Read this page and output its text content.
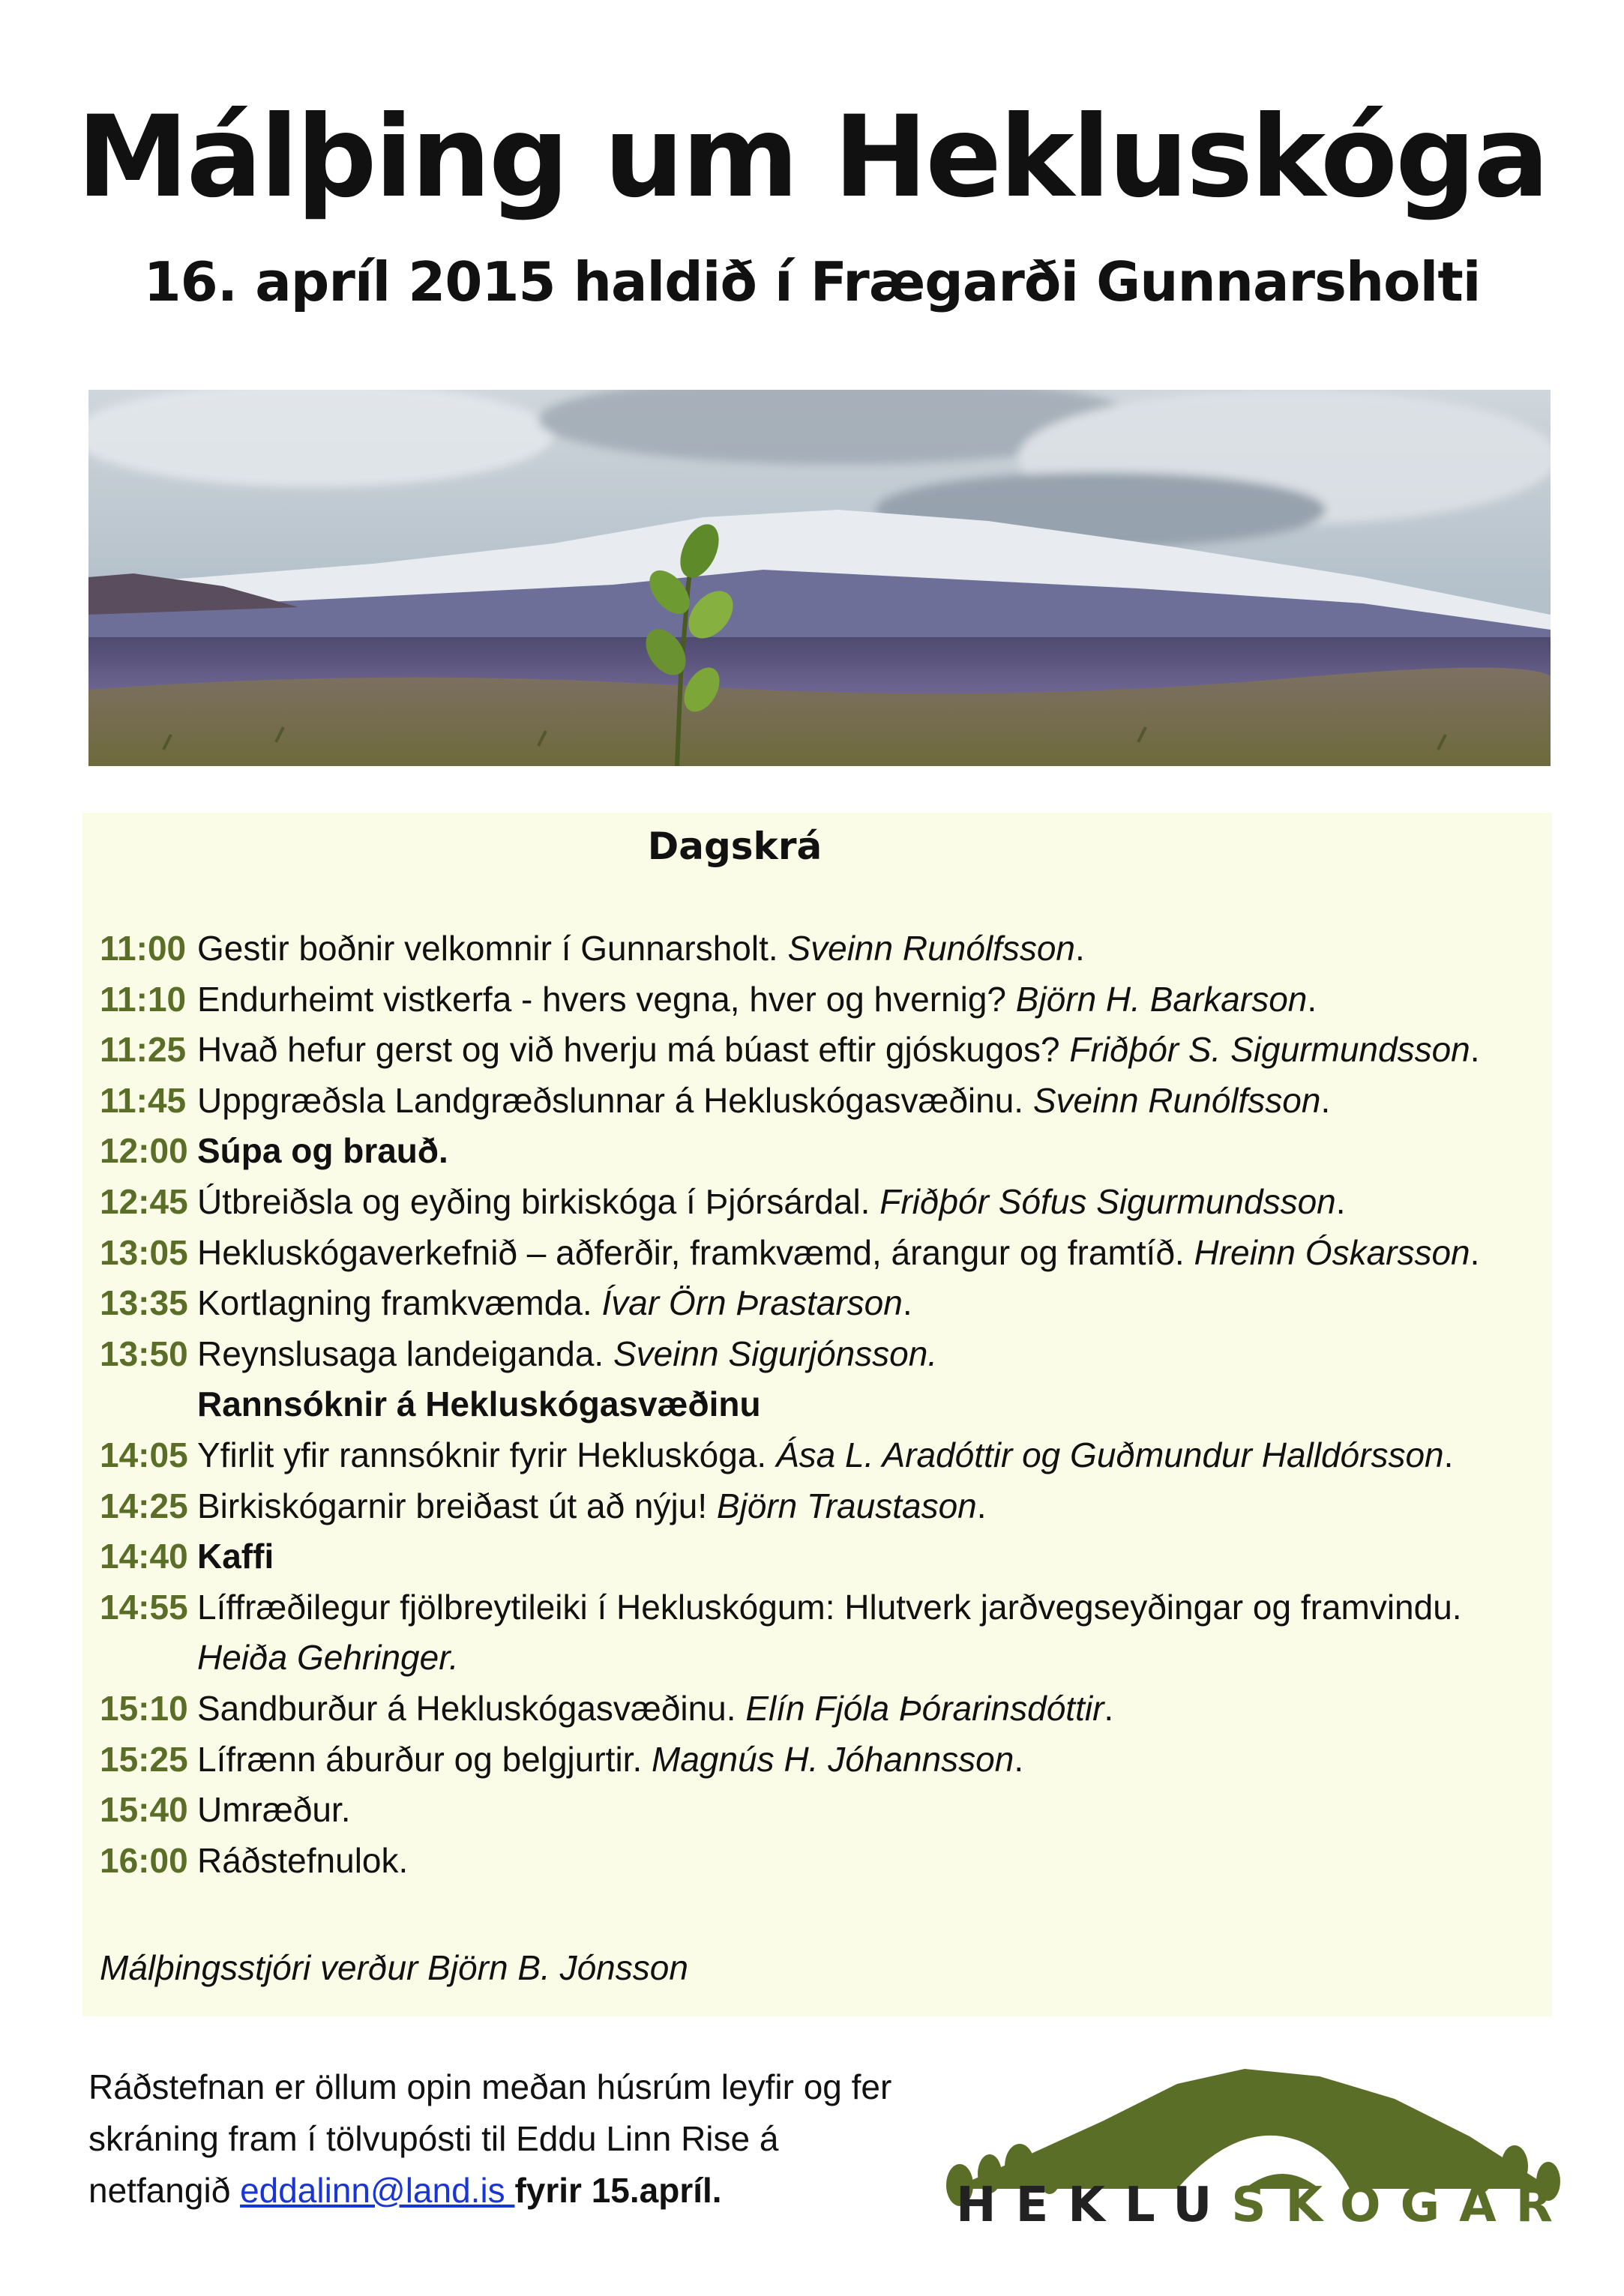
Málþing um Hekluskóga
16. apríl 2015 haldið í Frægarði Gunnarsholti
Dagskrá
11:00 Gestir boðnir velkomnir í Gunnarsholt. Sveinn Runólfsson.
11:10 Endurheimt vistkerfa - hvers vegna, hver og hvernig? Björn H. Barkarson.
11:25 Hvað hefur gerst og við hverju má búast eftir gjóskugos? Friðþór S. Sigurmundsson.
11:45 Uppgræðsla Landgræðslunnar á Hekluskógasvæðinu. Sveinn Runólfsson.
12:00 Súpa og brauð.
12:45 Útbreiðsla og eyðing birkiskóga í Þjórsárdal. Friðþór Sófus Sigurmundsson.
13:05 Hekluskógaverkefnið – aðferðir, framkvæmd, árangur og framtíð. Hreinn Óskarsson.
13:35 Kortlagning framkvæmda. Ívar Örn Þrastarson.
13:50 Reynslusaga landeiganda. Sveinn Sigurjónsson.
Rannsóknir á Hekluskógasvæðinu
14:05 Yfirlit yfir rannsóknir fyrir Hekluskóga. Ása L. Aradóttir og Guðmundur Halldórsson.
14:25 Birkiskógarnir breiðast út að nýju! Björn Traustason.
14:40 Kaffi
14:55 Líffræðilegur fjölbreytileiki í Hekluskógum: Hlutverk jarðvegseyðingar og framvindu.
Heiða Gehringer.
15:10 Sandburður á Hekluskógasvæðinu. Elín Fjóla Þórarinsdóttir.
15:25 Lífrænn áburður og belgjurtir. Magnús H. Jóhannsson.
15:40 Umræður.
16:00 Ráðstefnulok.
Málþingsstjóri verður Björn B. Jónsson
Ráðstefnan er öllum opin meðan húsrúm leyfir og fer
skráning fram í tölvupósti til Eddu Linn Rise á
netfangið eddalinn@land.is fyrir 15.apríl.	HEKLUSKÓGAR
